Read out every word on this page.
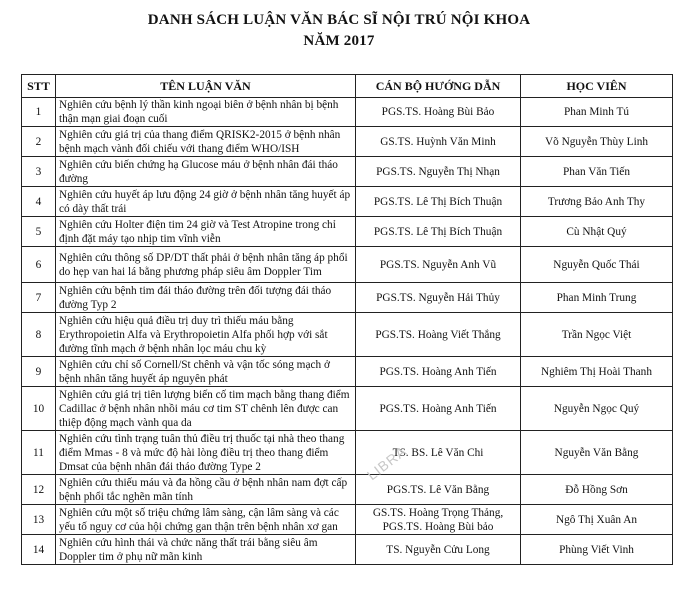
DANH SÁCH LUẬN VĂN BÁC SĨ NỘI TRÚ NỘI KHOA
NĂM 2017
STT	TÊN LUẬN VĂN	CÁN BỘ HƯỚNG DẪN	HỌC VIÊN
1	Nghiên cứu bệnh lý thần kinh ngoại biên ở bệnh nhân bị bệnh thận mạn giai đoạn cuối	PGS.TS. Hoàng Bùi Bảo	Phan Minh Tú
2	Nghiên cứu giá trị của thang điểm QRISK2-2015 ở bệnh nhân bệnh mạch vành đối chiếu với thang điểm WHO/ISH	GS.TS. Huỳnh Văn Minh	Võ Nguyễn Thùy Linh
3	Nghiên cứu biến chứng hạ Glucose máu ở bệnh nhân đái tháo đường	PGS.TS. Nguyễn Thị Nhạn	Phan Văn Tiến
4	Nghiên cứu huyết áp lưu động 24 giờ ở bệnh nhân tăng huyết áp có dày thất trái	PGS.TS. Lê Thị Bích Thuận	Trương Bảo Anh Thy
5	Nghiên cứu Holter điện tim 24 giờ và Test Atropine trong chỉ định đặt máy tạo nhịp tim vĩnh viễn	PGS.TS. Lê Thị Bích Thuận	Cù Nhật Quý
6	Nghiên cứu thông số DP/DT thất phải ở bệnh nhân tăng áp phổi do hẹp van hai lá bằng phương pháp siêu âm Doppler Tim	PGS.TS. Nguyễn Anh Vũ	Nguyễn Quốc Thái
7	Nghiên cứu bệnh tim đái tháo đường trên đối tượng đái tháo đường Typ 2	PGS.TS. Nguyễn Hải Thủy	Phan Minh Trung
8	Nghiên cứu hiệu quả điều trị duy trì thiếu máu bằng Erythropoietin Alfa và Erythropoietin Alfa phối hợp với sắt đường tĩnh mạch ở bệnh nhân lọc máu chu kỳ	PGS.TS. Hoàng Viết Thắng	Trần Ngọc Việt
9	Nghiên cứu chỉ số Cornell/St chênh và vận tốc sóng mạch ở bệnh nhân tăng huyết áp nguyên phát	PGS.TS. Hoàng Anh Tiến	Nghiêm Thị Hoài Thanh
10	Nghiên cứu giá trị tiên lượng biến cố tim mạch bằng thang điểm Cadillac ở bệnh nhân nhồi máu cơ tim ST chênh lên được can thiệp động mạch vành qua da	PGS.TS. Hoàng Anh Tiến	Nguyễn Ngọc Quý
11	Nghiên cứu tình trạng tuân thủ điều trị thuốc tại nhà theo thang điểm Mmas - 8 và mức độ hài lòng điều trị theo thang điểm Dmsat của bệnh nhân đái tháo đường Type 2	TS. BS. Lê Văn Chi	Nguyễn Văn Bằng
12	Nghiên cứu thiếu máu và đa hồng cầu ở bệnh nhân nam đợt cấp bệnh phổi tắc nghẽn mãn tính	PGS.TS. Lê Văn Bằng	Đỗ Hồng Sơn
13	Nghiên cứu một số triệu chứng lâm sàng, cận lâm sàng và các yếu tố nguy cơ của hội chứng gan thận trên bệnh nhân xơ gan	GS.TS. Hoàng Trọng Thảng, PGS.TS. Hoàng Bùi bảo	Ngô Thị Xuân An
14	Nghiên cứu hình thái và chức năng thất trái bằng siêu âm Doppler tim ở phụ nữ mãn kinh	TS. Nguyễn Cửu Long	Phùng Viết Vinh
LIBRA
